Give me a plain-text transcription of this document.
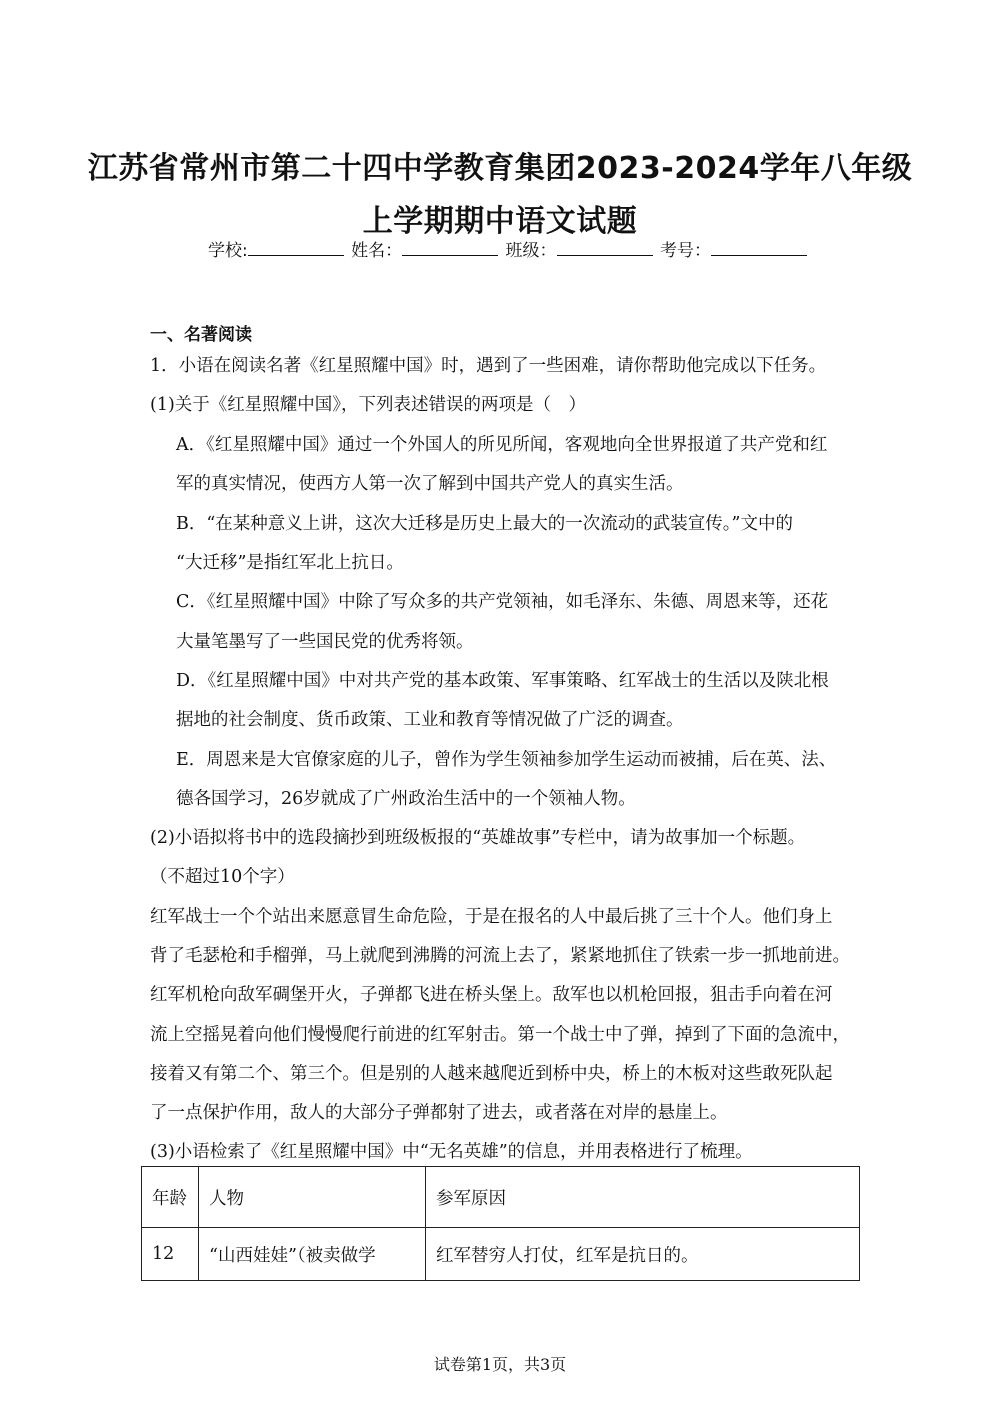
江苏省常州市第二十四中学教育集团2023-2024学年八年级
上学期期中语文试题
学校:	姓名：	班级：	考号：
一、名著阅读
1．小语在阅读名著《红星照耀中国》时，遇到了一些困难，请你帮助他完成以下任务。
(1)关于《红星照耀中国》，下列表述错误的两项是（　）
A．《红星照耀中国》通过一个外国人的所见所闻，客观地向全世界报道了共产党和红
军的真实情况，使西方人第一次了解到中国共产党人的真实生活。
B．“在某种意义上讲，这次大迁移是历史上最大的一次流动的武装宣传。”文中的
“大迁移”是指红军北上抗日。
C．《红星照耀中国》中除了写众多的共产党领袖，如毛泽东、朱德、周恩来等，还花
大量笔墨写了一些国民党的优秀将领。
D．《红星照耀中国》中对共产党的基本政策、军事策略、红军战士的生活以及陕北根
据地的社会制度、货币政策、工业和教育等情况做了广泛的调查。
E．周恩来是大官僚家庭的儿子，曾作为学生领袖参加学生运动而被捕，后在英、法、
德各国学习，26岁就成了广州政治生活中的一个领袖人物。
(2)小语拟将书中的选段摘抄到班级板报的“英雄故事”专栏中，请为故事加一个标题。
（不超过10个字）
红军战士一个个站出来愿意冒生命危险，于是在报名的人中最后挑了三十个人。他们身上
背了毛瑟枪和手榴弹，马上就爬到沸腾的河流上去了，紧紧地抓住了铁索一步一抓地前进。
红军机枪向敌军碉堡开火，子弹都飞进在桥头堡上。敌军也以机枪回报，狙击手向着在河
流上空摇晃着向他们慢慢爬行前进的红军射击。第一个战士中了弹，掉到了下面的急流中，
接着又有第二个、第三个。但是别的人越来越爬近到桥中央，桥上的木板对这些敢死队起
了一点保护作用，敌人的大部分子弹都射了进去，或者落在对岸的悬崖上。
(3)小语检索了《红星照耀中国》中“无名英雄”的信息，并用表格进行了梳理。
年龄	人物	参军原因
12	“山西娃娃”（被卖做学	红军替穷人打仗，红军是抗日的。
试卷第1页，共3页
